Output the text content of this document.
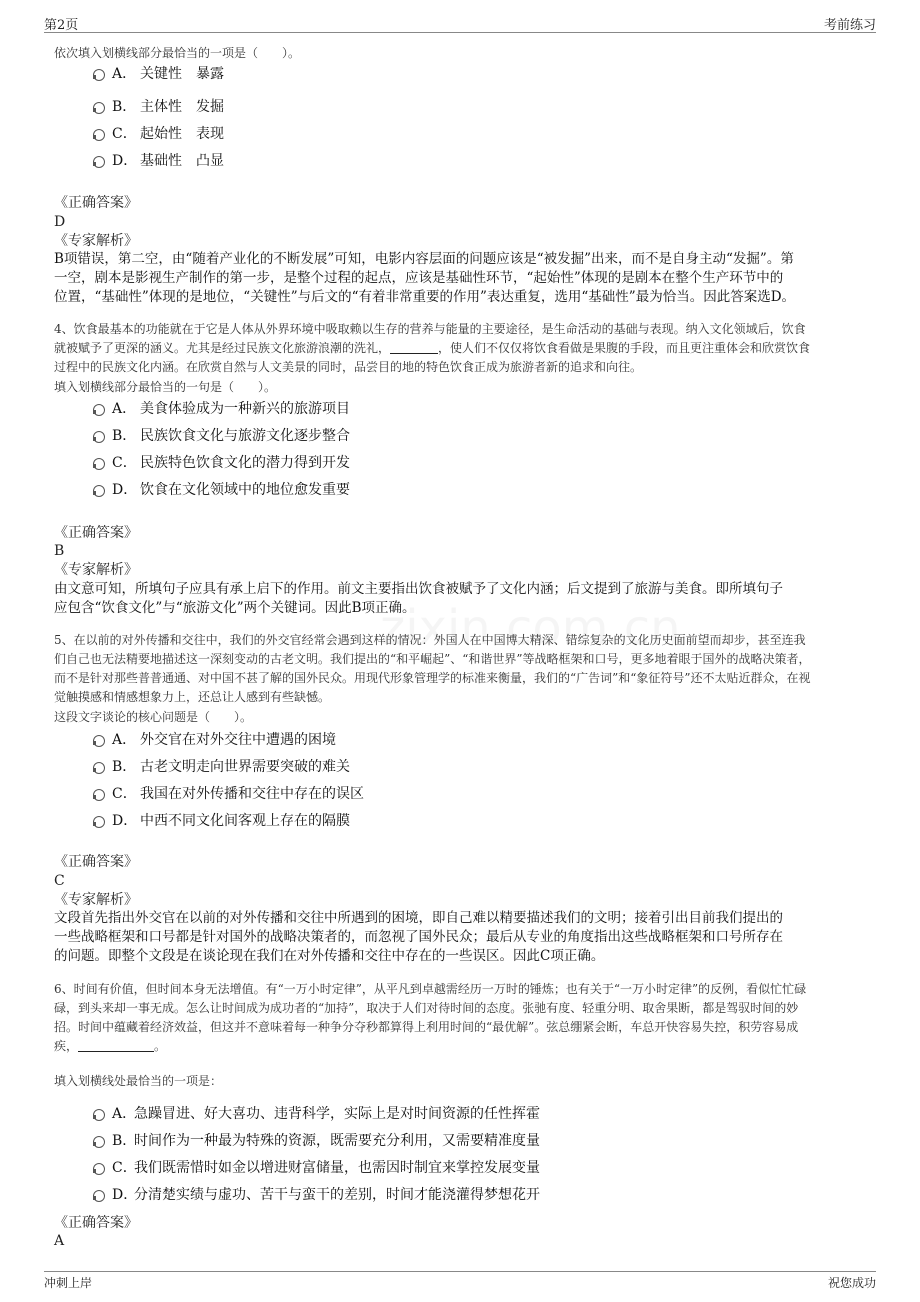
第2页	考前练习
依次填入划横线部分最恰当的一项是（　　）。
A． 关键性 暴露
B． 主体性 发掘
C． 起始性 表现
D． 基础性 凸显
《正确答案》
D
《专家解析》
B项错误，第二空，由“随着产业化的不断发展”可知，电影内容层面的问题应该是“被发掘”出来，而不是自身主动“发掘”。第
一空，剧本是影视生产制作的第一步，是整个过程的起点，应该是基础性环节，“起始性”体现的是剧本在整个生产环节中的
位置，“基础性”体现的是地位，“关键性”与后文的“有着非常重要的作用”表达重复，选用“基础性”最为恰当。因此答案选D。
4、饮食最基本的功能就在于它是人体从外界环境中吸取赖以生存的营养与能量的主要途径，是生命活动的基础与表现。纳入文化领域后，饮食
就被赋予了更深的涵义。尤其是经过民族文化旅游浪潮的洗礼，	，使人们不仅仅将饮食看做是果腹的手段，而且更注重体会和欣赏饮食
过程中的民族文化内涵。在欣赏自然与人文美景的同时，品尝目的地的特色饮食正成为旅游者新的追求和向往。
填入划横线部分最恰当的一句是（　　）。
A． 美食体验成为一种新兴的旅游项目
B． 民族饮食文化与旅游文化逐步整合
C． 民族特色饮食文化的潜力得到开发
D． 饮食在文化领域中的地位愈发重要
《正确答案》
B
《专家解析》
由文意可知，所填句子应具有承上启下的作用。前文主要指出饮食被赋予了文化内涵；后文提到了旅游与美食。即所填句子
应包含“饮食文化”与“旅游文化”两个关键词。因此B项正确。
5、在以前的对外传播和交往中，我们的外交官经常会遇到这样的情况：外国人在中国博大精深、错综复杂的文化历史面前望而却步，甚至连我
们自己也无法精要地描述这一深刻变动的古老文明。我们提出的“和平崛起”、“和谐世界”等战略框架和口号，更多地着眼于国外的战略决策者，
而不是针对那些普普通通、对中国不甚了解的国外民众。用现代形象管理学的标准来衡量，我们的“广告词”和“象征符号”还不太贴近群众，在视
觉触摸感和情感想象力上，还总让人感到有些缺憾。
这段文字谈论的核心问题是（　　）。
A． 外交官在对外交往中遭遇的困境
B． 古老文明走向世界需要突破的难关
C． 我国在对外传播和交往中存在的误区
D． 中西不同文化间客观上存在的隔膜
《正确答案》
C
《专家解析》
文段首先指出外交官在以前的对外传播和交往中所遇到的困境，即自己难以精要描述我们的文明；接着引出目前我们提出的
一些战略框架和口号都是针对国外的战略决策者的，而忽视了国外民众；最后从专业的角度指出这些战略框架和口号所存在
的问题。即整个文段是在谈论现在我们在对外传播和交往中存在的一些误区。因此C项正确。
6、时间有价值，但时间本身无法增值。有“一万小时定律”，从平凡到卓越需经历一万时的锤炼；也有关于“一万小时定律”的反例，看似忙忙碌
碌，到头来却一事无成。怎么让时间成为成功者的“加持”，取决于人们对待时间的态度。张驰有度、轻重分明、取舍果断，都是驾驭时间的妙
招。时间中蕴藏着经济效益，但这并不意味着每一种争分夺秒都算得上利用时间的“最优解”。弦总绷紧会断，车总开快容易失控，积劳容易成
疾，	。
填入划横线处最恰当的一项是：
A．急躁冒进、好大喜功、违背科学，实际上是对时间资源的任性挥霍
B．时间作为一种最为特殊的资源，既需要充分利用，又需要精准度量
C．我们既需惜时如金以增进财富储量，也需因时制宜来掌控发展变量
D．分清楚实绩与虚功、苦干与蛮干的差别，时间才能浇灌得梦想花开
《正确答案》
A
冲刺上岸	祝您成功
